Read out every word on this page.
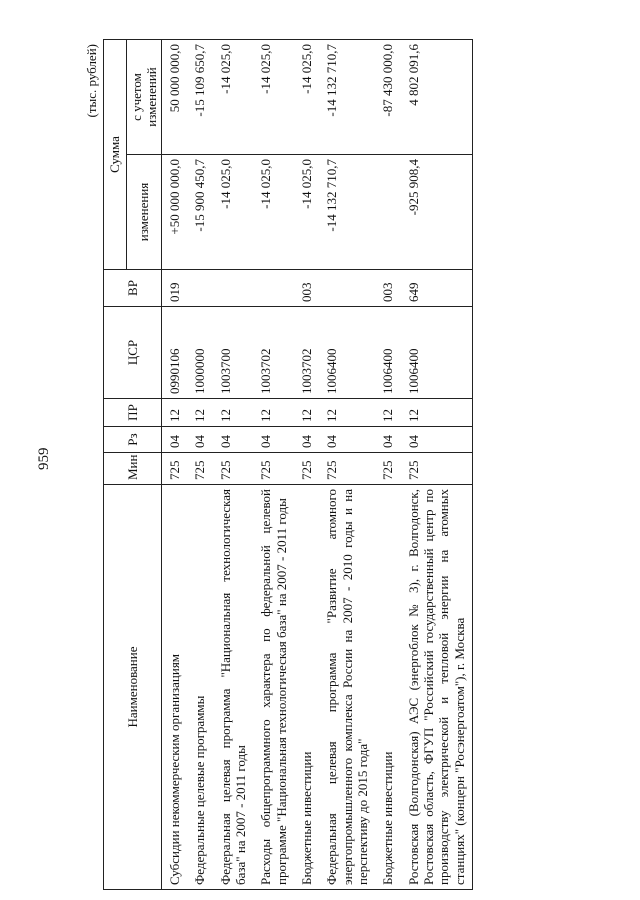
959
(тыс. рублей)
Наименование	Мин	Рз	ПР	ЦСР	ВР	Сумма	
						изменения	с учетом изменений
Субсидии некоммерческим организациям	725	04	12	0990106	019	+50 000 000,0	50 000 000,0
Федеральные целевые программы	725	04	12	1000000		-15 900 450,7	-15 109 650,7
Федеральная целевая программа "Национальная технологическая база" на 2007 - 2011 годы	725	04	12	1003700		-14 025,0	-14 025,0
Расходы общепрограммного характера по федеральной целевой программе "Национальная технологическая база" на 2007 - 2011 годы	725	04	12	1003702		-14 025,0	-14 025,0
Бюджетные инвестиции	725	04	12	1003702	003	-14 025,0	-14 025,0
Федеральная целевая программа "Развитие атомного энергопромышленного комплекса России на 2007 - 2010 годы и на перспективу до 2015 года"	725	04	12	1006400		-14 132 710,7	-14 132 710,7
Бюджетные инвестиции	725	04	12	1006400	003		-87 430 000,0
Ростовская (Волгодонская) АЭС (энергоблок № 3), г. Волгодонск, Ростовская область, ФГУП "Российский государственный центр по производству электрической и тепловой энергии на атомных станциях" (концерн "Росэнергоатом"), г. Москва	725	04	12	1006400	649	-925 908,4	4 802 091,6
